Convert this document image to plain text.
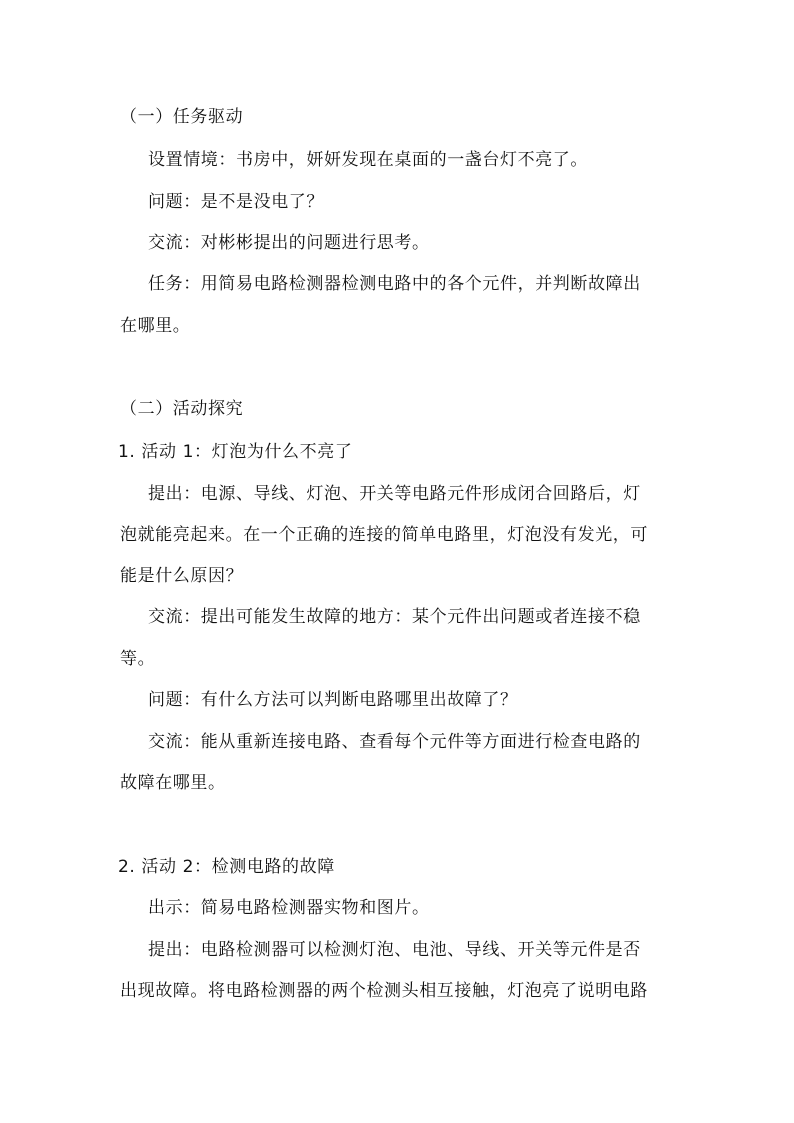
（一）任务驱动
设置情境：书房中，妍妍发现在桌面的一盏台灯不亮了。
问题：是不是没电了？
交流：对彬彬提出的问题进行思考。
任务：用简易电路检测器检测电路中的各个元件，并判断故障出
在哪里。
（二）活动探究
1. 活动 1：灯泡为什么不亮了
提出：电源、导线、灯泡、开关等电路元件形成闭合回路后，灯
泡就能亮起来。在一个正确的连接的简单电路里，灯泡没有发光，可
能是什么原因？
交流：提出可能发生故障的地方：某个元件出问题或者连接不稳
等。
问题：有什么方法可以判断电路哪里出故障了？
交流：能从重新连接电路、查看每个元件等方面进行检查电路的
故障在哪里。
2. 活动 2：检测电路的故障
出示：简易电路检测器实物和图片。
提出：电路检测器可以检测灯泡、电池、导线、开关等元件是否
出现故障。将电路检测器的两个检测头相互接触，灯泡亮了说明电路
